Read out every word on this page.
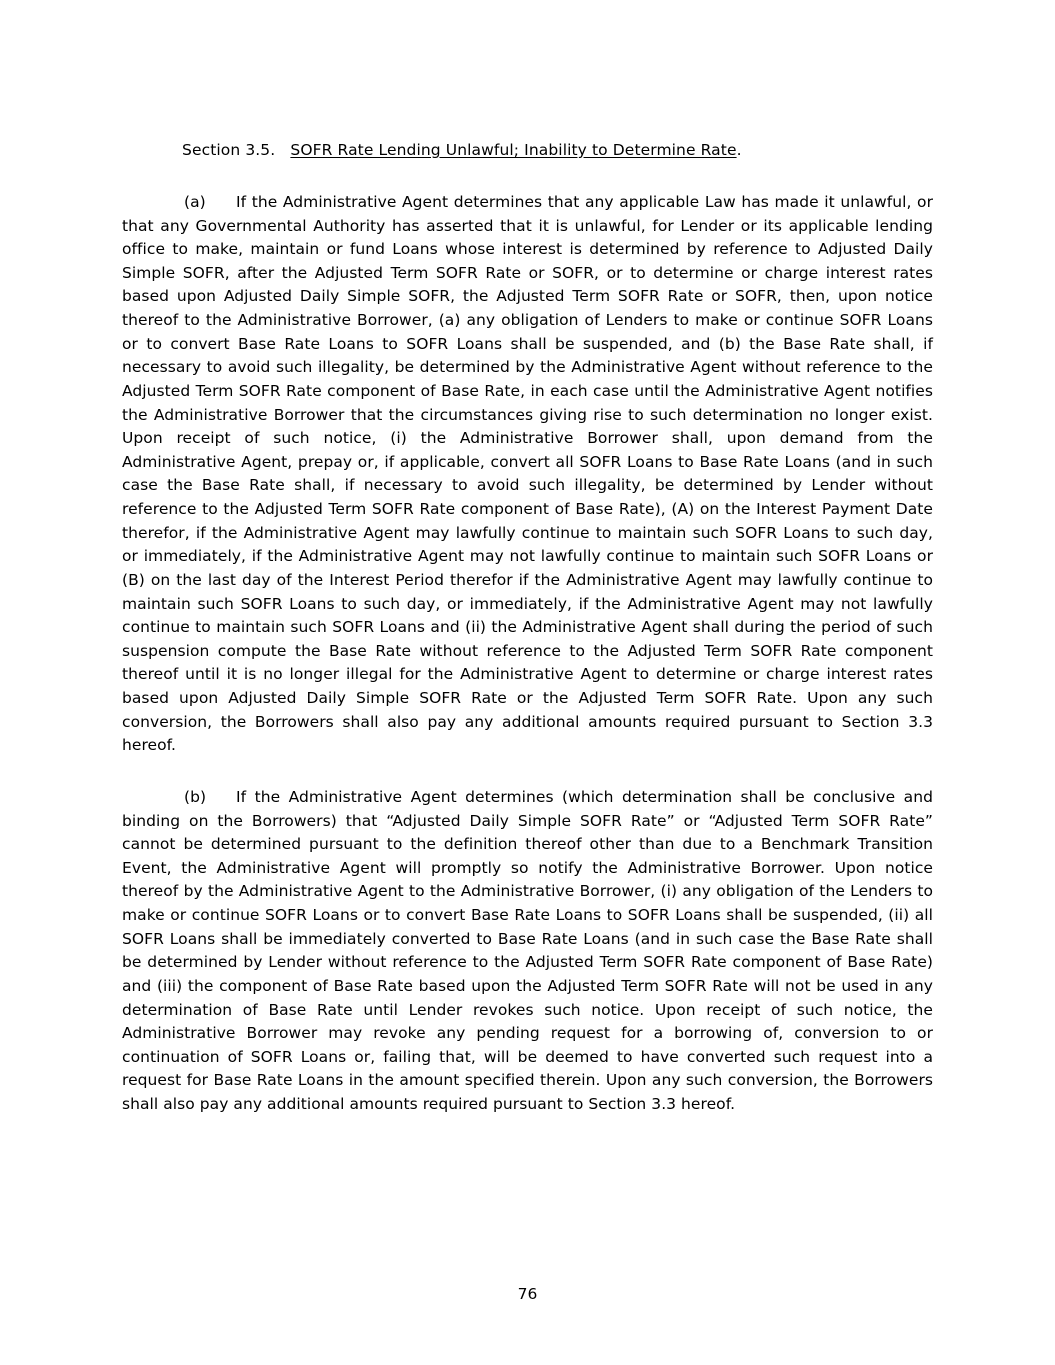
Section 3.5. SOFR Rate Lending Unlawful; Inability to Determine Rate.

(a) If the Administrative Agent determines that any applicable Law has made it unlawful, or that any Governmental Authority has asserted that it is unlawful, for Lender or its applicable lending office to make, maintain or fund Loans whose interest is determined by reference to Adjusted Daily Simple SOFR, after the Adjusted Term SOFR Rate or SOFR, or to determine or charge interest rates based upon Adjusted Daily Simple SOFR, the Adjusted Term SOFR Rate or SOFR, then, upon notice thereof to the Administrative Borrower, (a) any obligation of Lenders to make or continue SOFR Loans or to convert Base Rate Loans to SOFR Loans shall be suspended, and (b) the Base Rate shall, if necessary to avoid such illegality, be determined by the Administrative Agent without reference to the Adjusted Term SOFR Rate component of Base Rate, in each case until the Administrative Agent notifies the Administrative Borrower that the circumstances giving rise to such determination no longer exist. Upon receipt of such notice, (i) the Administrative Borrower shall, upon demand from the Administrative Agent, prepay or, if applicable, convert all SOFR Loans to Base Rate Loans (and in such case the Base Rate shall, if necessary to avoid such illegality, be determined by Lender without reference to the Adjusted Term SOFR Rate component of Base Rate), (A) on the Interest Payment Date therefor, if the Administrative Agent may lawfully continue to maintain such SOFR Loans to such day, or immediately, if the Administrative Agent may not lawfully continue to maintain such SOFR Loans or (B) on the last day of the Interest Period therefor if the Administrative Agent may lawfully continue to maintain such SOFR Loans to such day, or immediately, if the Administrative Agent may not lawfully continue to maintain such SOFR Loans and (ii) the Administrative Agent shall during the period of such suspension compute the Base Rate without reference to the Adjusted Term SOFR Rate component thereof until it is no longer illegal for the Administrative Agent to determine or charge interest rates based upon Adjusted Daily Simple SOFR Rate or the Adjusted Term SOFR Rate. Upon any such conversion, the Borrowers shall also pay any additional amounts required pursuant to Section 3.3 hereof.

(b) If the Administrative Agent determines (which determination shall be conclusive and binding on the Borrowers) that “Adjusted Daily Simple SOFR Rate” or “Adjusted Term SOFR Rate” cannot be determined pursuant to the definition thereof other than due to a Benchmark Transition Event, the Administrative Agent will promptly so notify the Administrative Borrower. Upon notice thereof by the Administrative Agent to the Administrative Borrower, (i) any obligation of the Lenders to make or continue SOFR Loans or to convert Base Rate Loans to SOFR Loans shall be suspended, (ii) all SOFR Loans shall be immediately converted to Base Rate Loans (and in such case the Base Rate shall be determined by Lender without reference to the Adjusted Term SOFR Rate component of Base Rate) and (iii) the component of Base Rate based upon the Adjusted Term SOFR Rate will not be used in any determination of Base Rate until Lender revokes such notice. Upon receipt of such notice, the Administrative Borrower may revoke any pending request for a borrowing of, conversion to or continuation of SOFR Loans or, failing that, will be deemed to have converted such request into a request for Base Rate Loans in the amount specified therein. Upon any such conversion, the Borrowers shall also pay any additional amounts required pursuant to Section 3.3 hereof.

76
